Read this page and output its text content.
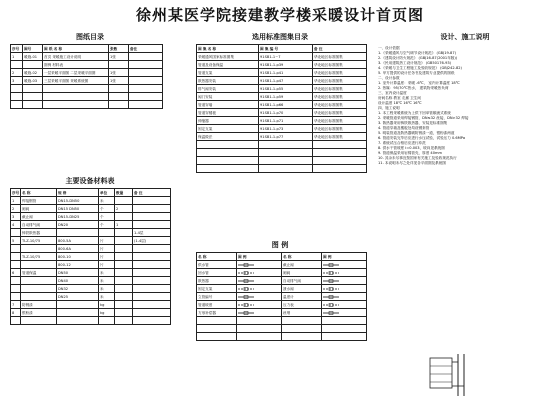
徐州某医学院接建教学楼采暖设计首页图
图纸目录
序号	图号	图 纸 名 称	张数	备注
1	暖施-01	首页 采暖施工设计说明	1张	
		图例 材料表		
2	暖施-02	一层采暖平面图 二层采暖平面图	1张	
3	暖施-03	三层采暖平面图 采暖系统图	1张	

主要设备材料表
序号	名 称	规 格	单位	数量	备 注
1	焊接钢管	DN15-DN50	米		
2	闸阀	DN15 DN50	个	2	
3	截止阀	DN15-DN25	个		
4	自动排气阀	DN20	个	1	
	铸铁散热器				1-4层
5	TLZ-10/75	800-5A	片		(1-4层)
		800-6A	片		
	TLZ-10/75	800-10	片		
		800-12	片		
6	管道保温	DN50	米		
		DN40	米		
		DN32	米		
		DN25	米		
7	防锈漆		kg		
8	银粉漆		kg		

选用标准图集目录
图 集 名 称	图 集 编 号	备 注
采暖通风国家标准图集	91SB1-1~7	华北地区标准图集
管道及设备保温	91SB1-1-p39	华北地区标准图集
管道支架	91SB1-1-p41	华北地区标准图集
散热器安装	91SB1-1-p47	华北地区标准图集
排气阀安装	91SB1-1-p55	华北地区标准图集
阀门安装	91SB1-1-p59	华北地区标准图集
管道穿墙	91SB1-1-p66	华北地区标准图集
管道穿楼板	91SB1-1-p70	华北地区标准图集
伸缩器	91SB1-1-p71	华北地区标准图集
固定支架	91SB1-1-p73	华北地区标准图集
保温做法	91SB1-1-p77	华北地区标准图集

图 例
名 称	图 例	名 称	图 例
供水管		截止阀	
回水管		闸阀	
散热器		自动排气阀	
固定支架		泄水阀	
立管编号		温度计	
管道坡度		压力表	
方形补偿器		丝堵	

设计、施工说明
一、设计依据
1.《采暖通风与空气调节设计规范》 (GBJ19-87)
2.《建筑设计防火规范》 (GBJ16-87(2001年版))
3.《民用建筑热工设计规范》 (GB50176-93)
4.《采暖与卫生工程施工及验收规范》 (GBJ242-82)
5. 甲方提供的设计任务书及建筑专业提供的图纸
二、设计参数
1. 室外计算温度：采暖 -6℃， 室内计算温度 18℃
2. 热媒：95/70℃热水， 建筑物采暖热负荷
三、室内设计温度
房间名称 教室 走廊 卫生间
设计温度 18℃ 16℃ 16℃
四、施工说明
1. 本工程采暖系统为上供下回单管顺流式系统
2. 采暖管道采用焊接钢管，DN≤32 丝接，DN>32 焊接
3. 散热器采用铸铁散热器，安装见标准图集
4. 管道穿墙及楼板处均设钢套管
5. 明装管道及散热器刷防锈漆一道，银粉漆两道
6. 管道安装完毕后应进行水压试验，试验压力 0.6MPa
7. 系统试压合格后应进行冲洗
8. 供水干管坡度 i=0.003，坡向见系统图
9. 管道保温采用岩棉管壳，厚度 40mm
10. 其余未尽事宜按国家有关施工及验收规范执行
11. 本说明未尽之处详见各平面图及系统图
